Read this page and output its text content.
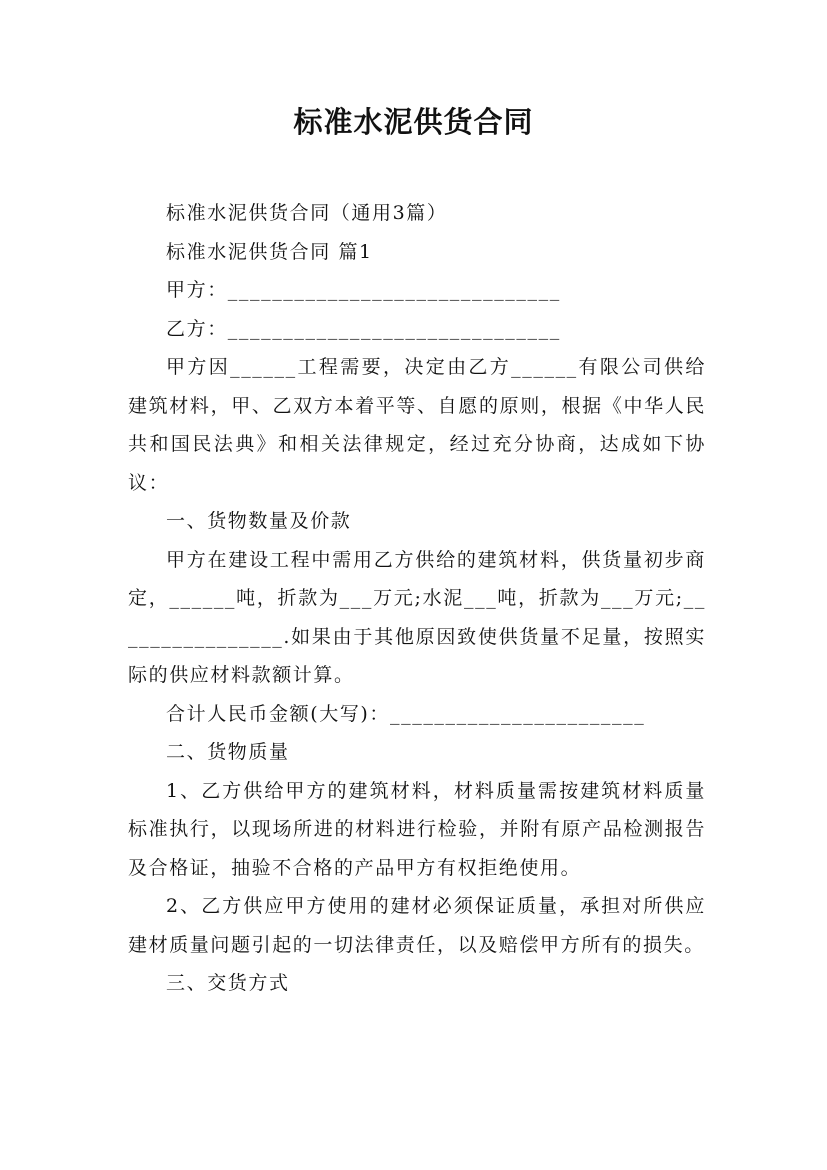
标准水泥供货合同

标准水泥供货合同（通用3篇）

标准水泥供货合同 篇1

甲方：______________________________

乙方：______________________________

甲方因______工程需要，决定由乙方______有限公司供给建筑材料，甲、乙双方本着平等、自愿的原则，根据《中华人民共和国民法典》和相关法律规定，经过充分协商，达成如下协议：

一、货物数量及价款

甲方在建设工程中需用乙方供给的建筑材料，供货量初步商定，______吨，折款为___万元;水泥___吨，折款为___万元;________________.如果由于其他原因致使供货量不足量，按照实际的供应材料款额计算。

合计人民币金额(大写)：_______________________

二、货物质量

1、乙方供给甲方的建筑材料，材料质量需按建筑材料质量标准执行，以现场所进的材料进行检验，并附有原产品检测报告及合格证，抽验不合格的产品甲方有权拒绝使用。

2、乙方供应甲方使用的建材必须保证质量，承担对所供应建材质量问题引起的一切法律责任，以及赔偿甲方所有的损失。

三、交货方式
